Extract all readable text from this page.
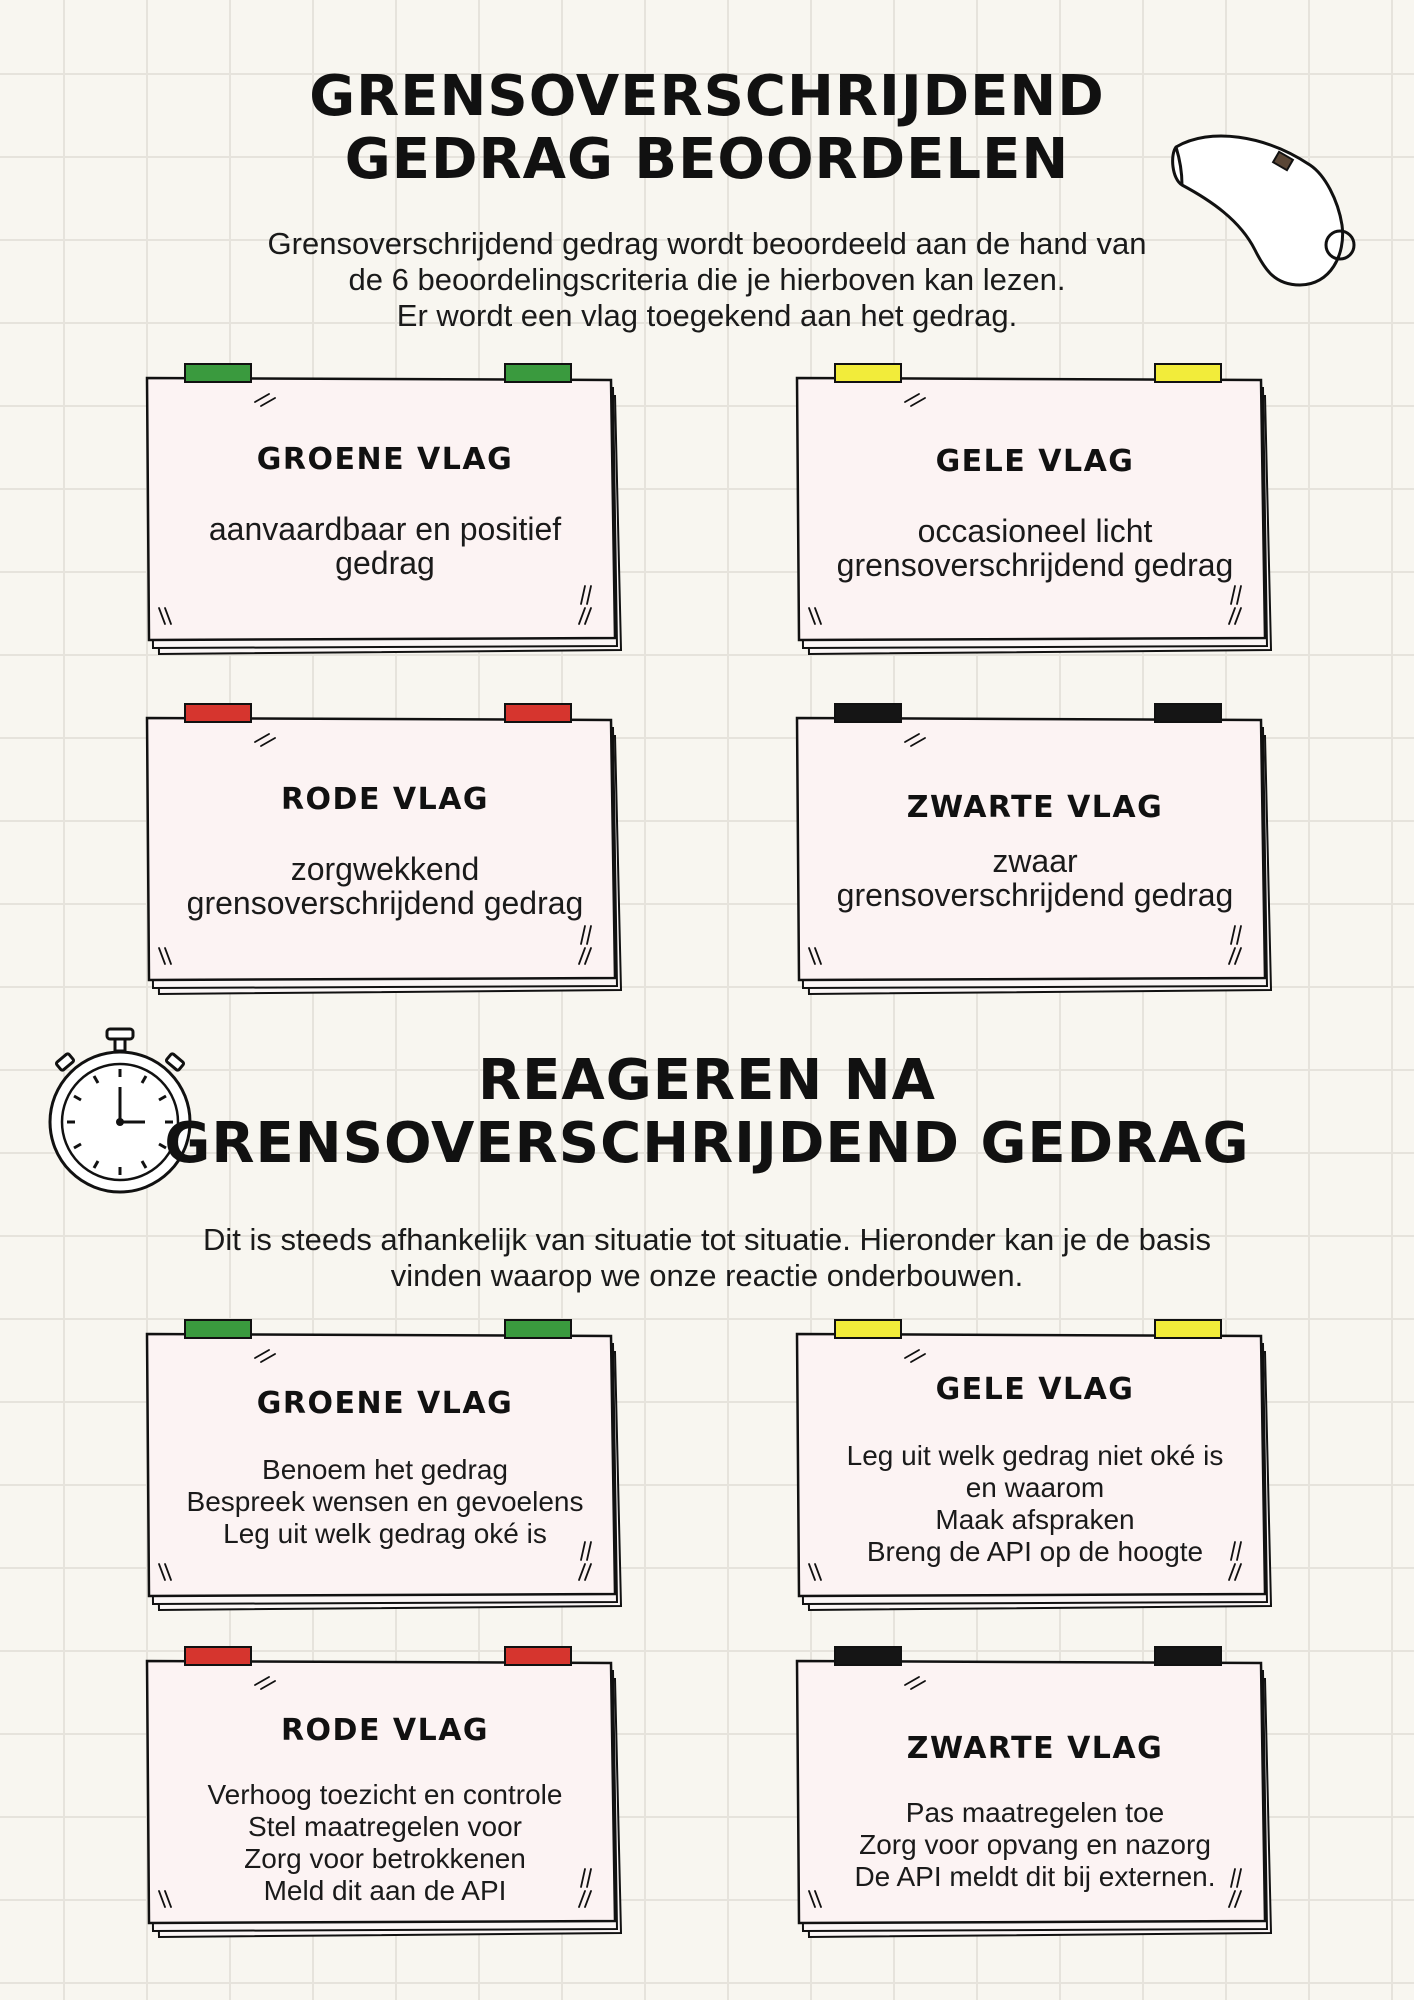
GRENSOVERSCHRIJDEND
GEDRAG BEOORDELEN

Grensoverschrijdend gedrag wordt beoordeeld aan de hand van
de 6 beoordelingscriteria die je hierboven kan lezen.
Er wordt een vlag toegekend aan het gedrag.

GROENE VLAG
aanvaardbaar en positief
gedrag
GELE VLAG
occasioneel licht
grensoverschrijdend gedrag
RODE VLAG
zorgwekkend
grensoverschrijdend gedrag
ZWARTE VLAG
zwaar
grensoverschrijdend gedrag
REAGEREN NA
GRENSOVERSCHRIJDEND GEDRAG

Dit is steeds afhankelijk van situatie tot situatie. Hieronder kan je de basis
vinden waarop we onze reactie onderbouwen.

GROENE VLAG
Benoem het gedrag
Bespreek wensen en gevoelens
Leg uit welk gedrag oké is
GELE VLAG
Leg uit welk gedrag niet oké is
en waarom
Maak afspraken
Breng de API op de hoogte
RODE VLAG
Verhoog toezicht en controle
Stel maatregelen voor
Zorg voor betrokkenen
Meld dit aan de API
ZWARTE VLAG
Pas maatregelen toe
Zorg voor opvang en nazorg
De API meldt dit bij externen.
